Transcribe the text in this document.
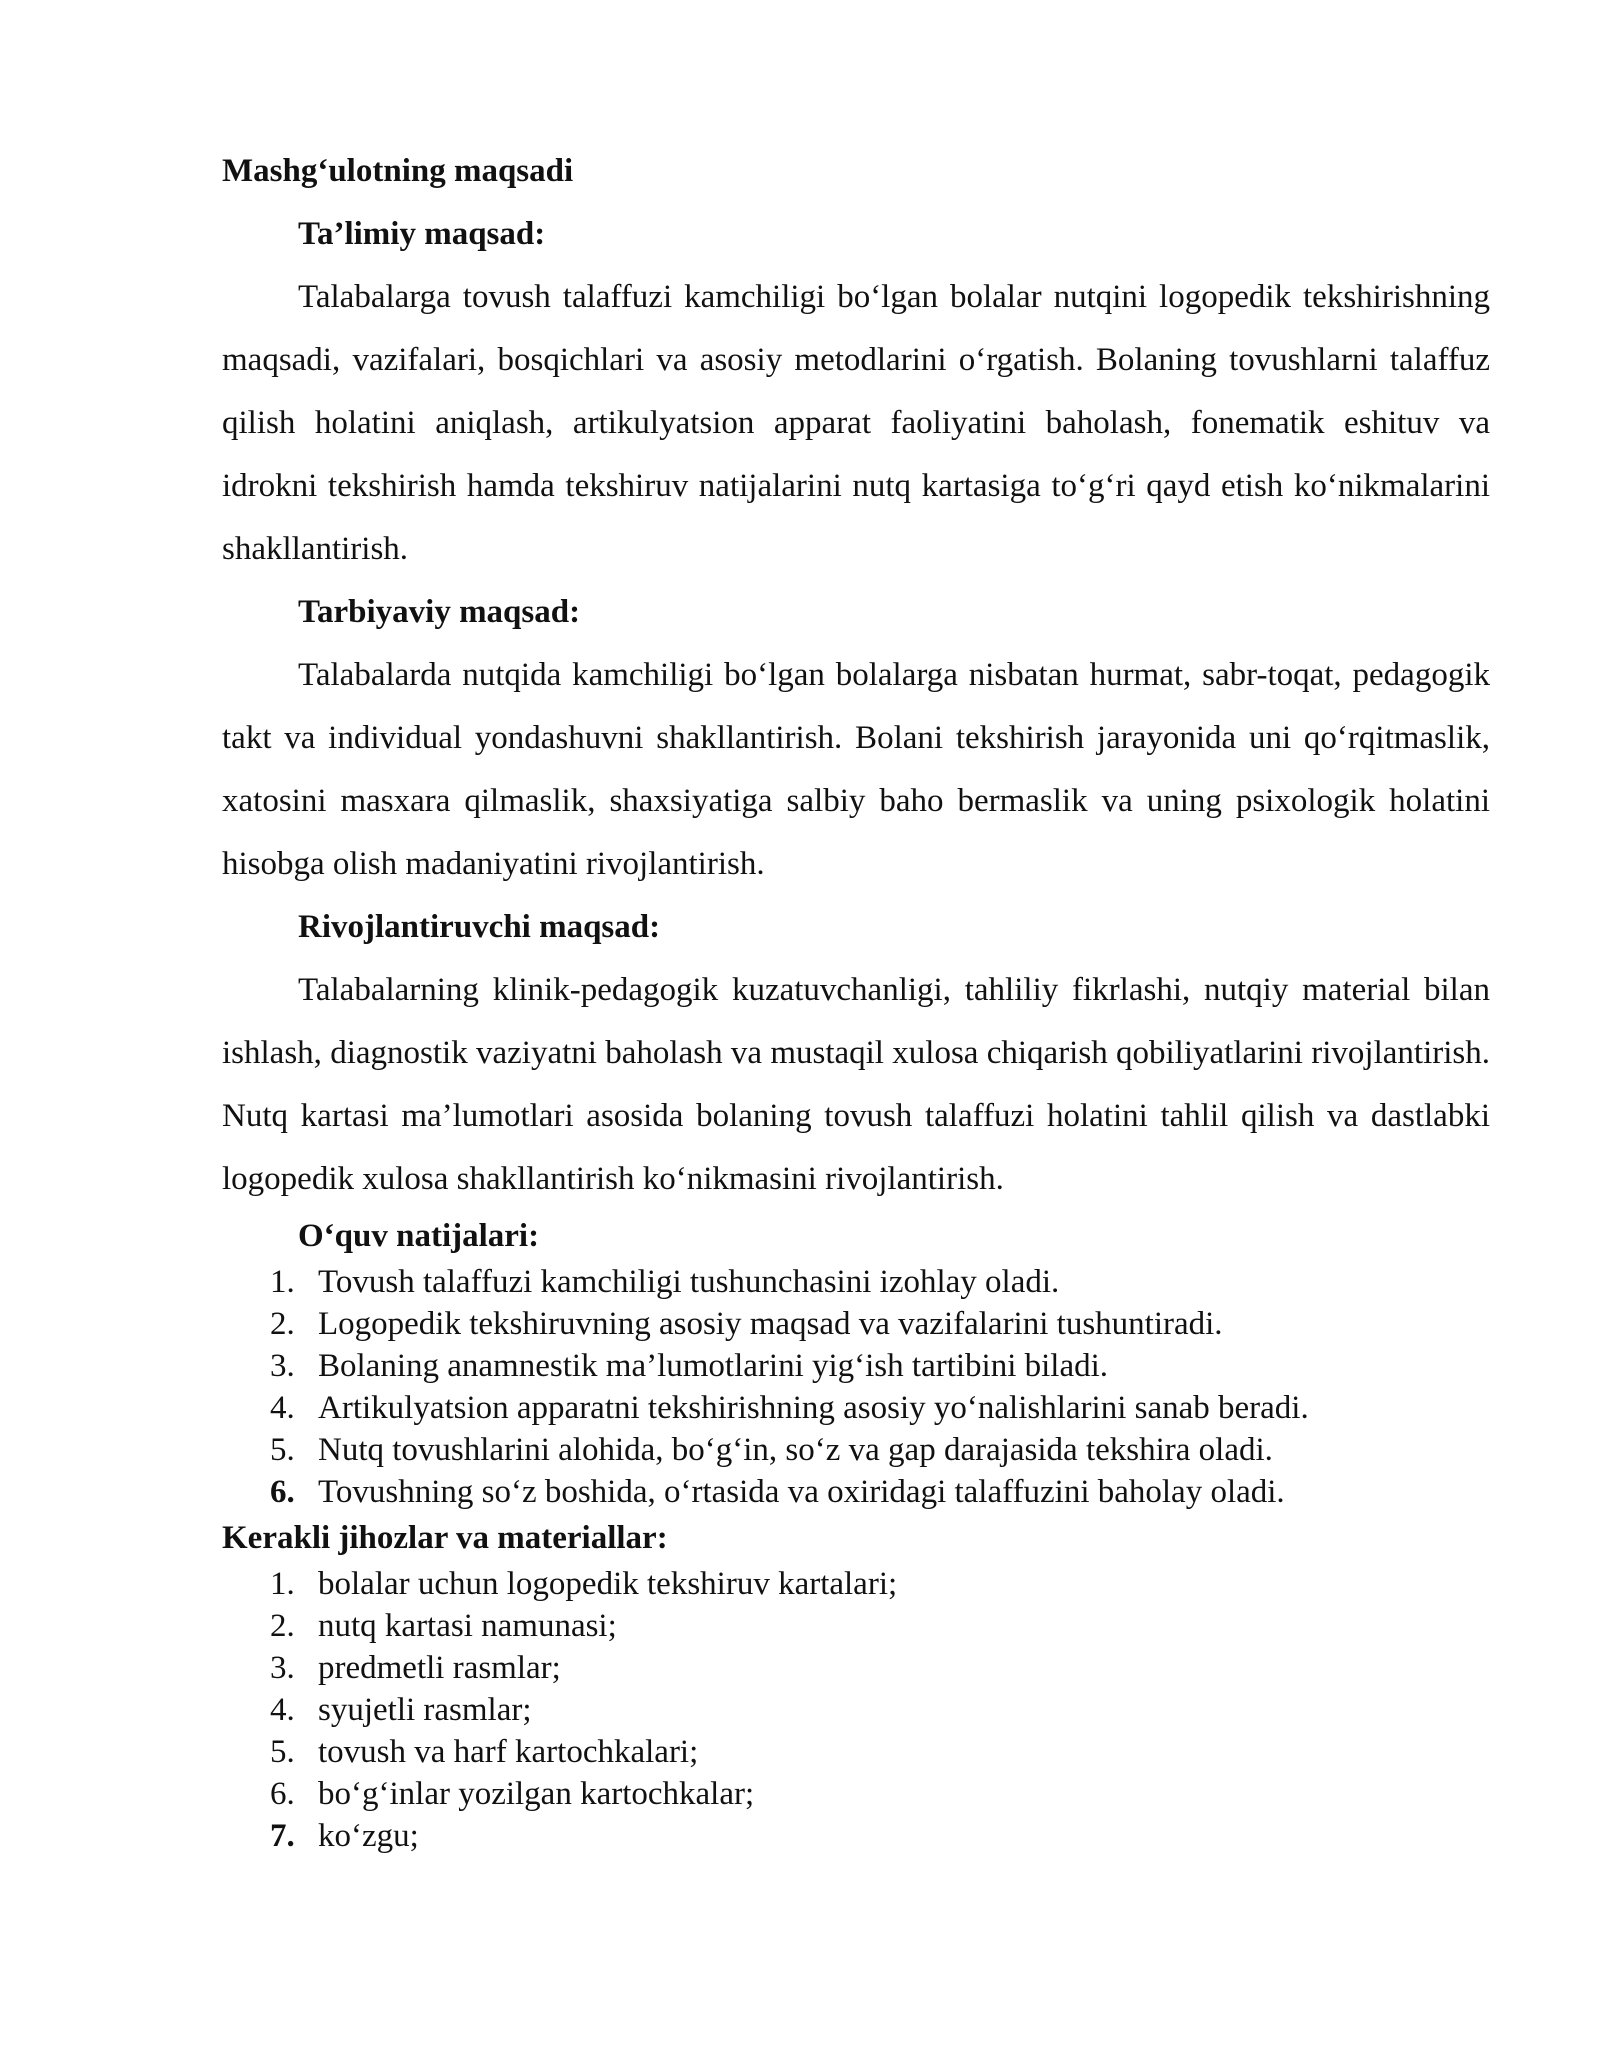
Mashg‘ulotning maqsadi

Ta’limiy maqsad:

Talabalarga tovush talaffuzi kamchiligi bo‘lgan bolalar nutqini logopedik tekshirishning maqsadi, vazifalari, bosqichlari va asosiy metodlarini o‘rgatish. Bolaning tovushlarni talaffuz qilish holatini aniqlash, artikulyatsion apparat faoliyatini baholash, fonematik eshituv va idrokni tekshirish hamda tekshiruv natijalarini nutq kartasiga to‘g‘ri qayd etish ko‘nikmalarini shakllantirish.

Tarbiyaviy maqsad:

Talabalarda nutqida kamchiligi bo‘lgan bolalarga nisbatan hurmat, sabr-toqat, pedagogik takt va individual yondashuvni shakllantirish. Bolani tekshirish jarayonida uni qo‘rqitmaslik, xatosini masxara qilmaslik, shaxsiyatiga salbiy baho bermaslik va uning psixologik holatini hisobga olish madaniyatini rivojlantirish.

Rivojlantiruvchi maqsad:

Talabalarning klinik-pedagogik kuzatuvchanligi, tahliliy fikrlashi, nutqiy material bilan ishlash, diagnostik vaziyatni baholash va mustaqil xulosa chiqarish qobiliyatlarini rivojlantirish. Nutq kartasi ma’lumotlari asosida bolaning tovush talaffuzi holatini tahlil qilish va dastlabki logopedik xulosa shakllantirish ko‘nikmasini rivojlantirish.

O‘quv natijalari:

1. Tovush talaffuzi kamchiligi tushunchasini izohlay oladi.
2. Logopedik tekshiruvning asosiy maqsad va vazifalarini tushuntiradi.
3. Bolaning anamnestik ma’lumotlarini yig‘ish tartibini biladi.
4. Artikulyatsion apparatni tekshirishning asosiy yo‘nalishlarini sanab beradi.
5. Nutq tovushlarini alohida, bo‘g‘in, so‘z va gap darajasida tekshira oladi.
6. Tovushning so‘z boshida, o‘rtasida va oxiridagi talaffuzini baholay oladi.

Kerakli jihozlar va materiallar:

1. bolalar uchun logopedik tekshiruv kartalari;
2. nutq kartasi namunasi;
3. predmetli rasmlar;
4. syujetli rasmlar;
5. tovush va harf kartochkalari;
6. bo‘g‘inlar yozilgan kartochkalar;
7. ko‘zgu;
